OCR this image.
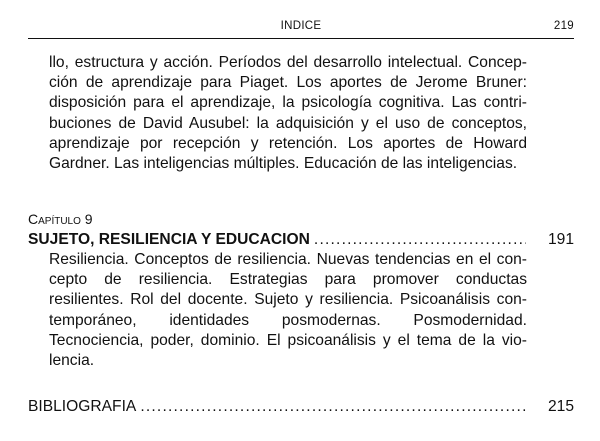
INDICE	219
llo, estructura y acción. Períodos del desarrollo intelectual. Concep-
ción de aprendizaje para Piaget. Los aportes de Jerome Bruner:
disposición para el aprendizaje, la psicología cognitiva. Las contri-
buciones de David Ausubel: la adquisición y el uso de conceptos,
aprendizaje por recepción y retención. Los aportes de Howard
Gardner. Las inteligencias múltiples. Educación de las inteligencias.
Capítulo 9
SUJETO, RESILIENCIA Y EDUCACION .....	191
Resiliencia. Conceptos de resiliencia. Nuevas tendencias en el con-
cepto de resiliencia. Estrategias para promover conductas
resilientes. Rol del docente. Sujeto y resiliencia. Psicoanálisis con-
temporáneo, identidades posmodernas. Posmodernidad.
Tecnociencia, poder, dominio. El psicoanálisis y el tema de la vio-
lencia.
BIBLIOGRAFIA .....	215
